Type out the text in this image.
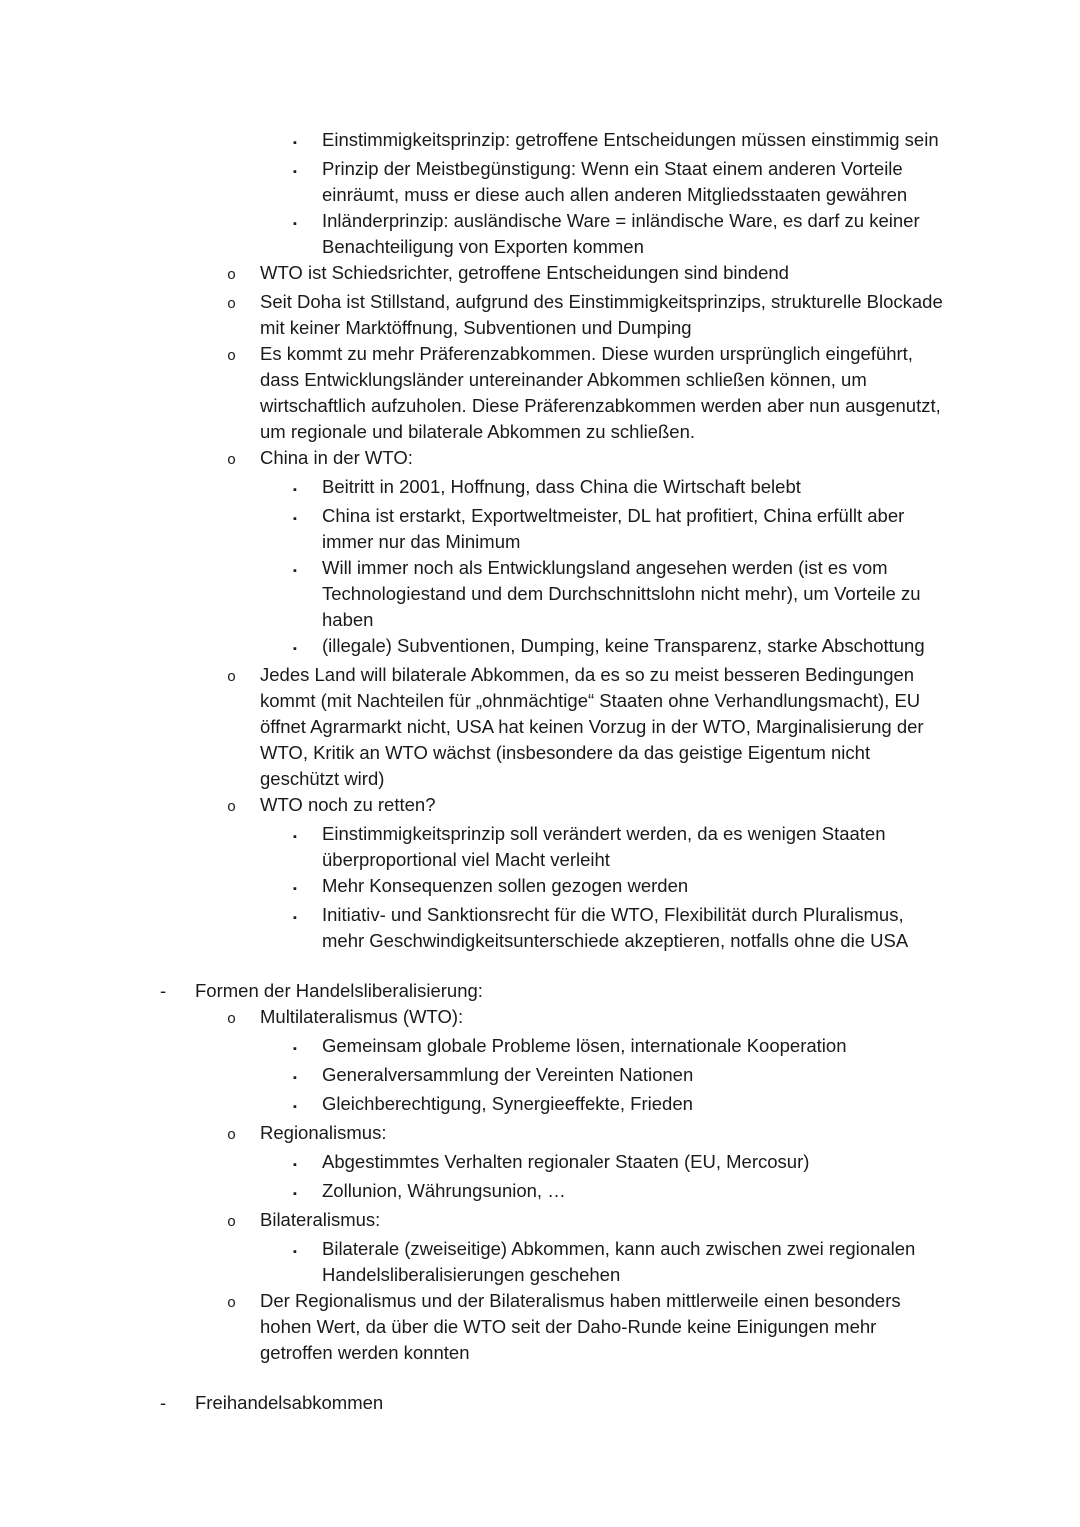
▪	Einstimmigkeitsprinzip: getroffene Entscheidungen müssen einstimmig sein
▪	Prinzip der Meistbegünstigung: Wenn ein Staat einem anderen Vorteile einräumt, muss er diese auch allen anderen Mitgliedsstaaten gewähren
▪	Inländerprinzip: ausländische Ware = inländische Ware, es darf zu keiner Benachteiligung von Exporten kommen
o	WTO ist Schiedsrichter, getroffene Entscheidungen sind bindend
o	Seit Doha ist Stillstand, aufgrund des Einstimmigkeitsprinzips, strukturelle Blockade mit keiner Marktöffnung, Subventionen und Dumping
o	Es kommt zu mehr Präferenzabkommen. Diese wurden ursprünglich eingeführt, dass Entwicklungsländer untereinander Abkommen schließen können, um wirtschaftlich aufzuholen. Diese Präferenzabkommen werden aber nun ausgenutzt, um regionale und bilaterale Abkommen zu schließen.
o	China in der WTO:
▪	Beitritt in 2001, Hoffnung, dass China die Wirtschaft belebt
▪	China ist erstarkt, Exportweltmeister, DL hat profitiert, China erfüllt aber immer nur das Minimum
▪	Will immer noch als Entwicklungsland angesehen werden (ist es vom Technologiestand und dem Durchschnittslohn nicht mehr), um Vorteile zu haben
▪	(illegale) Subventionen, Dumping, keine Transparenz, starke Abschottung
o	Jedes Land will bilaterale Abkommen, da es so zu meist besseren Bedingungen kommt (mit Nachteilen für „ohnmächtige“ Staaten ohne Verhandlungsmacht), EU öffnet Agrarmarkt nicht, USA hat keinen Vorzug in der WTO, Marginalisierung der WTO, Kritik an WTO wächst (insbesondere da das geistige Eigentum nicht geschützt wird)
o	WTO noch zu retten?
▪	Einstimmigkeitsprinzip soll verändert werden, da es wenigen Staaten überproportional viel Macht verleiht
▪	Mehr Konsequenzen sollen gezogen werden
▪	Initiativ- und Sanktionsrecht für die WTO, Flexibilität durch Pluralismus, mehr Geschwindigkeitsunterschiede akzeptieren, notfalls ohne die USA
-	Formen der Handelsliberalisierung:
o	Multilateralismus (WTO):
▪	Gemeinsam globale Probleme lösen, internationale Kooperation
▪	Generalversammlung der Vereinten Nationen
▪	Gleichberechtigung, Synergieeffekte, Frieden
o	Regionalismus:
▪	Abgestimmtes Verhalten regionaler Staaten (EU, Mercosur)
▪	Zollunion, Währungsunion, …
o	Bilateralismus:
▪	Bilaterale (zweiseitige) Abkommen, kann auch zwischen zwei regionalen Handelsliberalisierungen geschehen
o	Der Regionalismus und der Bilateralismus haben mittlerweile einen besonders hohen Wert, da über die WTO seit der Daho-Runde keine Einigungen mehr getroffen werden konnten
-	Freihandelsabkommen
